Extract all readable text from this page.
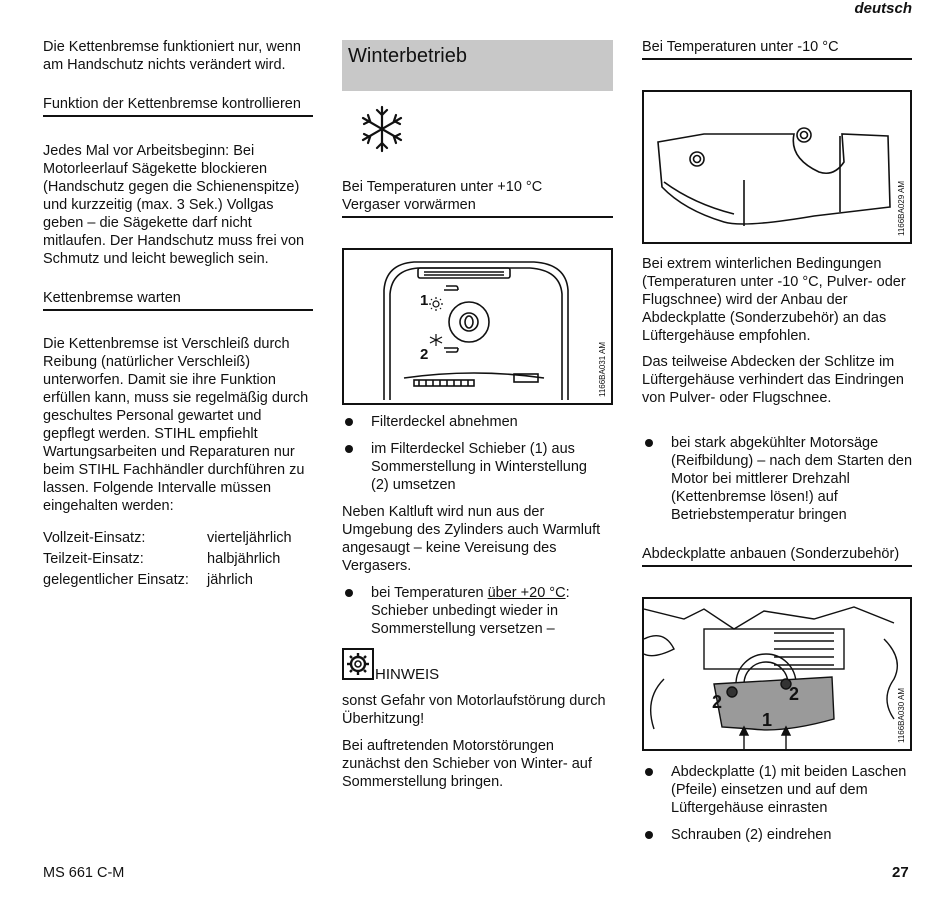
deutsch

Die Kettenbremse funktioniert nur, wenn am Handschutz nichts verändert wird.

Funktion der Kettenbremse kontrollieren

Jedes Mal vor Arbeitsbeginn: Bei Motorleerlauf Sägekette blockieren (Handschutz gegen die Schienenspitze) und kurzzeitig (max. 3 Sek.) Vollgas geben – die Sägekette darf nicht mitlaufen. Der Handschutz muss frei von Schmutz und leicht beweglich sein.

Kettenbremse warten

Die Kettenbremse ist Verschleiß durch Reibung (natürlicher Verschleiß) unterworfen. Damit sie ihre Funktion erfüllen kann, muss sie regelmäßig durch geschultes Personal gewartet und gepflegt werden. STIHL empfiehlt Wartungsarbeiten und Reparaturen nur beim STIHL Fachhändler durchführen zu lassen. Folgende Intervalle müssen eingehalten werden:

Vollzeit-Einsatz:	vierteljährlich
Teilzeit-Einsatz:	halbjährlich
gelegentlicher Einsatz:	jährlich
Winterbetrieb
Bei Temperaturen unter +10 °C
Vergaser vorwärmen
1
2	1166BA031 AM
Filterdeckel abnehmen
im Filterdeckel Schieber (1) aus Sommerstellung in Winterstellung (2) umsetzen

Neben Kaltluft wird nun aus der Umgebung des Zylinders auch Warmluft angesaugt – keine Vereisung des Vergasers.

bei Temperaturen über +20 °C: Schieber unbedingt wieder in Sommerstellung versetzen –
HINWEIS

sonst Gefahr von Motorlaufstörung durch Überhitzung!

Bei auftretenden Motorstörungen zunächst den Schieber von Winter- auf Sommerstellung bringen.

Bei Temperaturen unter -10 °C
1166BA029 AM

Bei extrem winterlichen Bedingungen (Temperaturen unter -10 °C, Pulver- oder Flugschnee) wird der Anbau der Abdeckplatte (Sonderzubehör) an das Lüftergehäuse empfohlen.

Das teilweise Abdecken der Schlitze im Lüftergehäuse verhindert das Eindringen von Pulver- oder Flugschnee.

bei stark abgekühlter Motorsäge (Reifbildung) – nach dem Starten den Motor bei mittlerer Drehzahl (Kettenbremse lösen!) auf Betriebstemperatur bringen
Abdeckplatte anbauen (Sonderzubehör)
2	2
1	1166BA030 AM
Abdeckplatte (1) mit beiden Laschen (Pfeile) einsetzen und auf dem Lüftergehäuse einrasten
Schrauben (2) eindrehen
MS 661 C-M	27
